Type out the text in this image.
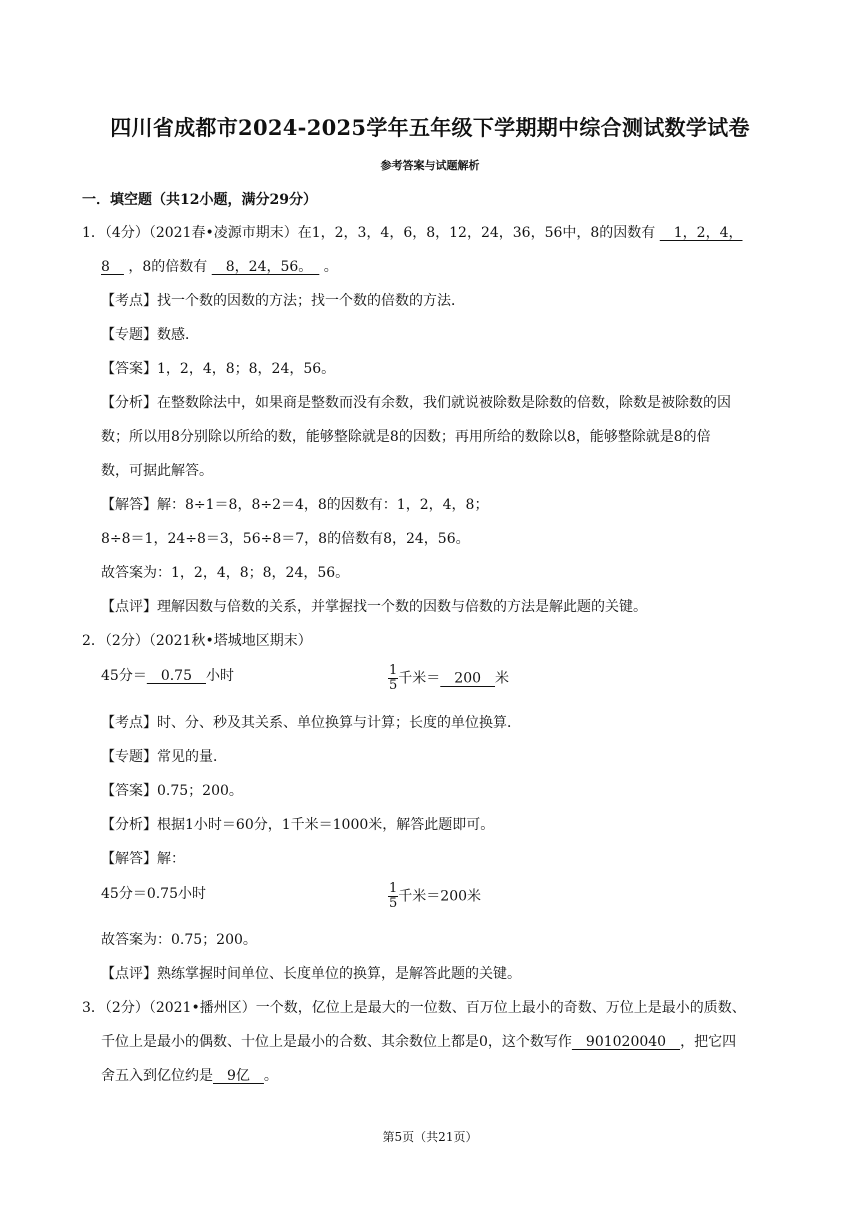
四川省成都市2024-2025学年五年级下学期期中综合测试数学试卷
参考答案与试题解析
一．填空题（共12小题，满分29分）
1．（4分）（2021春•凌源市期末）在1，2，3，4，6，8，12，24，36，56中，8的因数有 　1，2，4，
8　 ，8的倍数有 　8，24，56。　 。
【考点】找一个数的因数的方法；找一个数的倍数的方法．
【专题】数感．
【答案】1，2，4，8；8，24，56。
【分析】在整数除法中，如果商是整数而没有余数，我们就说被除数是除数的倍数，除数是被除数的因
数；所以用8分别除以所给的数，能够整除就是8的因数；再用所给的数除以8，能够整除就是8的倍
数，可据此解答。
【解答】解：8÷1＝8，8÷2＝4，8的因数有：1，2，4，8；
8÷8＝1，24÷8＝3，56÷8＝7，8的倍数有8，24，56。
故答案为：1，2，4，8；8，24，56。
【点评】理解因数与倍数的关系，并掌握找一个数的因数与倍数的方法是解此题的关键。
2．（2分）（2021秋•塔城地区期末）
45分＝　0.75　小时	$\frac{1}{5}$ 千米＝　200　米
【考点】时、分、秒及其关系、单位换算与计算；长度的单位换算．
【专题】常见的量．
【答案】0.75；200。
【分析】根据1小时＝60分，1千米＝1000米，解答此题即可。
【解答】解：
45分＝0.75小时	$\frac{1}{5}$ 千米＝200米
故答案为：0.75；200。
【点评】熟练掌握时间单位、长度单位的换算，是解答此题的关键。
3．（2分）（2021•播州区）一个数，亿位上是最大的一位数、百万位上最小的奇数、万位上是最小的质数、
千位上是最小的偶数、十位上是最小的合数、其余数位上都是0，这个数写作　901020040　，把它四
舍五入到亿位约是　9亿　。
第5页（共21页）
